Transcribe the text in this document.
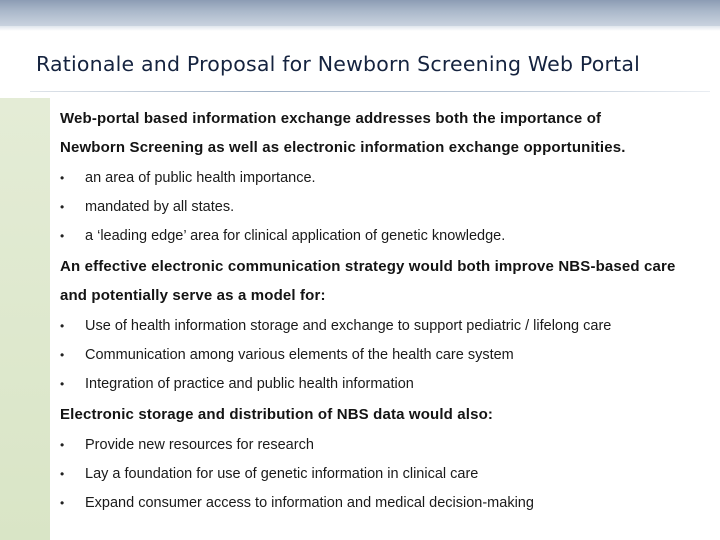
Rationale and Proposal for Newborn Screening Web Portal

Web-portal based information exchange addresses both the importance of

Newborn Screening as well as electronic information exchange opportunities.

•	an area of public health importance.
•	mandated by all states.
•	a ‘leading edge’ area for clinical application of genetic knowledge.

An effective electronic communication strategy would both improve NBS-based care

and potentially serve as a model for:

•	Use of health information storage and exchange to support pediatric / lifelong care
•	Communication among various elements of the health care system
•	Integration of practice and public health information

Electronic storage and distribution of NBS data would also:

•	Provide new resources for research
•	Lay a foundation for use of genetic information in clinical care
•	Expand consumer access to information and medical decision-making
